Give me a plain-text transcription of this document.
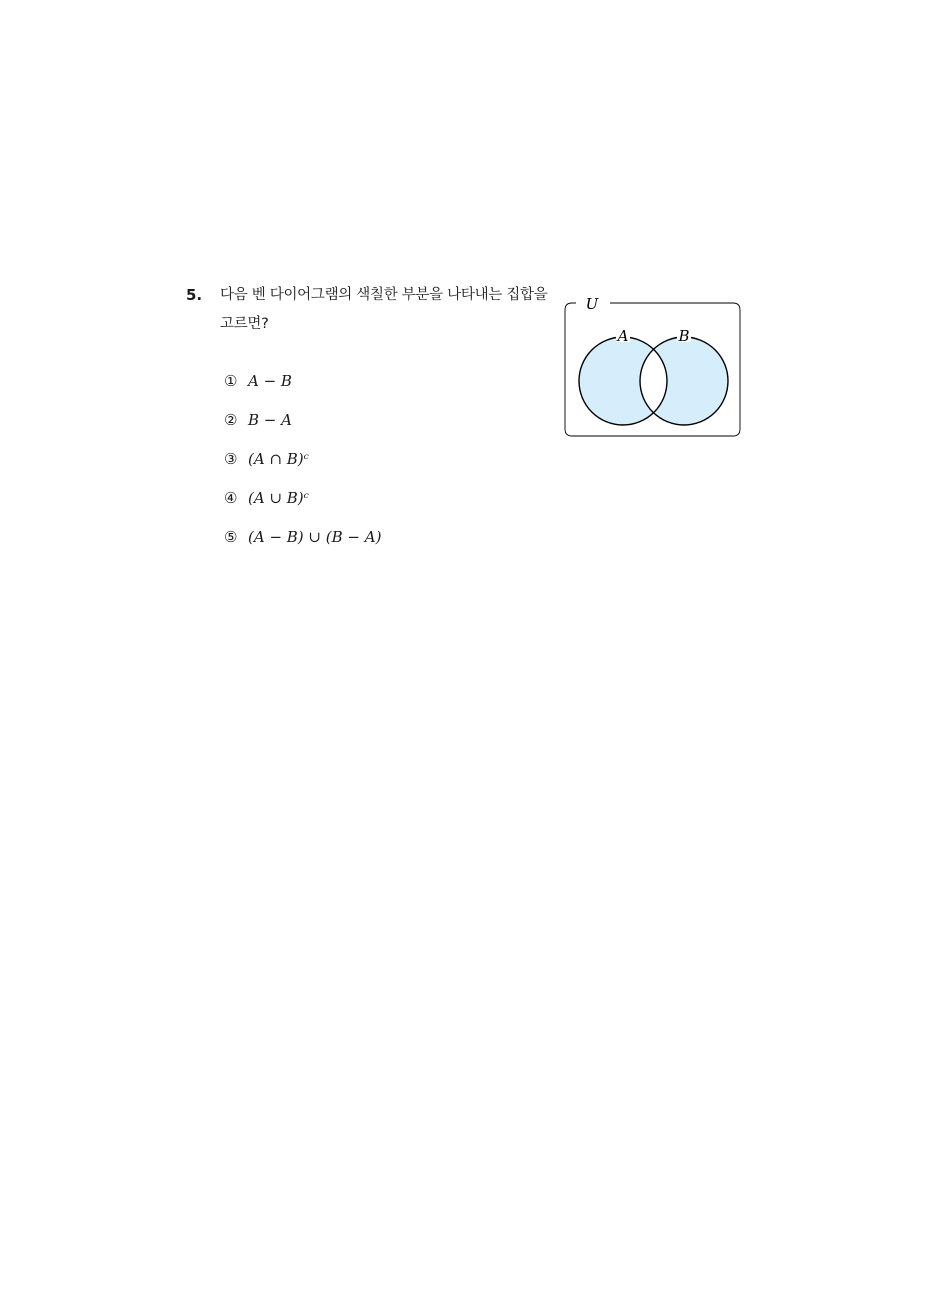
5. 다음 벤 다이어그램의 색칠한 부분을 나타내는 집합을 고르면?
① A − B
② B − A
③ (A ∩ B)ᶜ
④ (A ∪ B)ᶜ
⑤ (A − B) ∪ (B − A)
U
A	B
